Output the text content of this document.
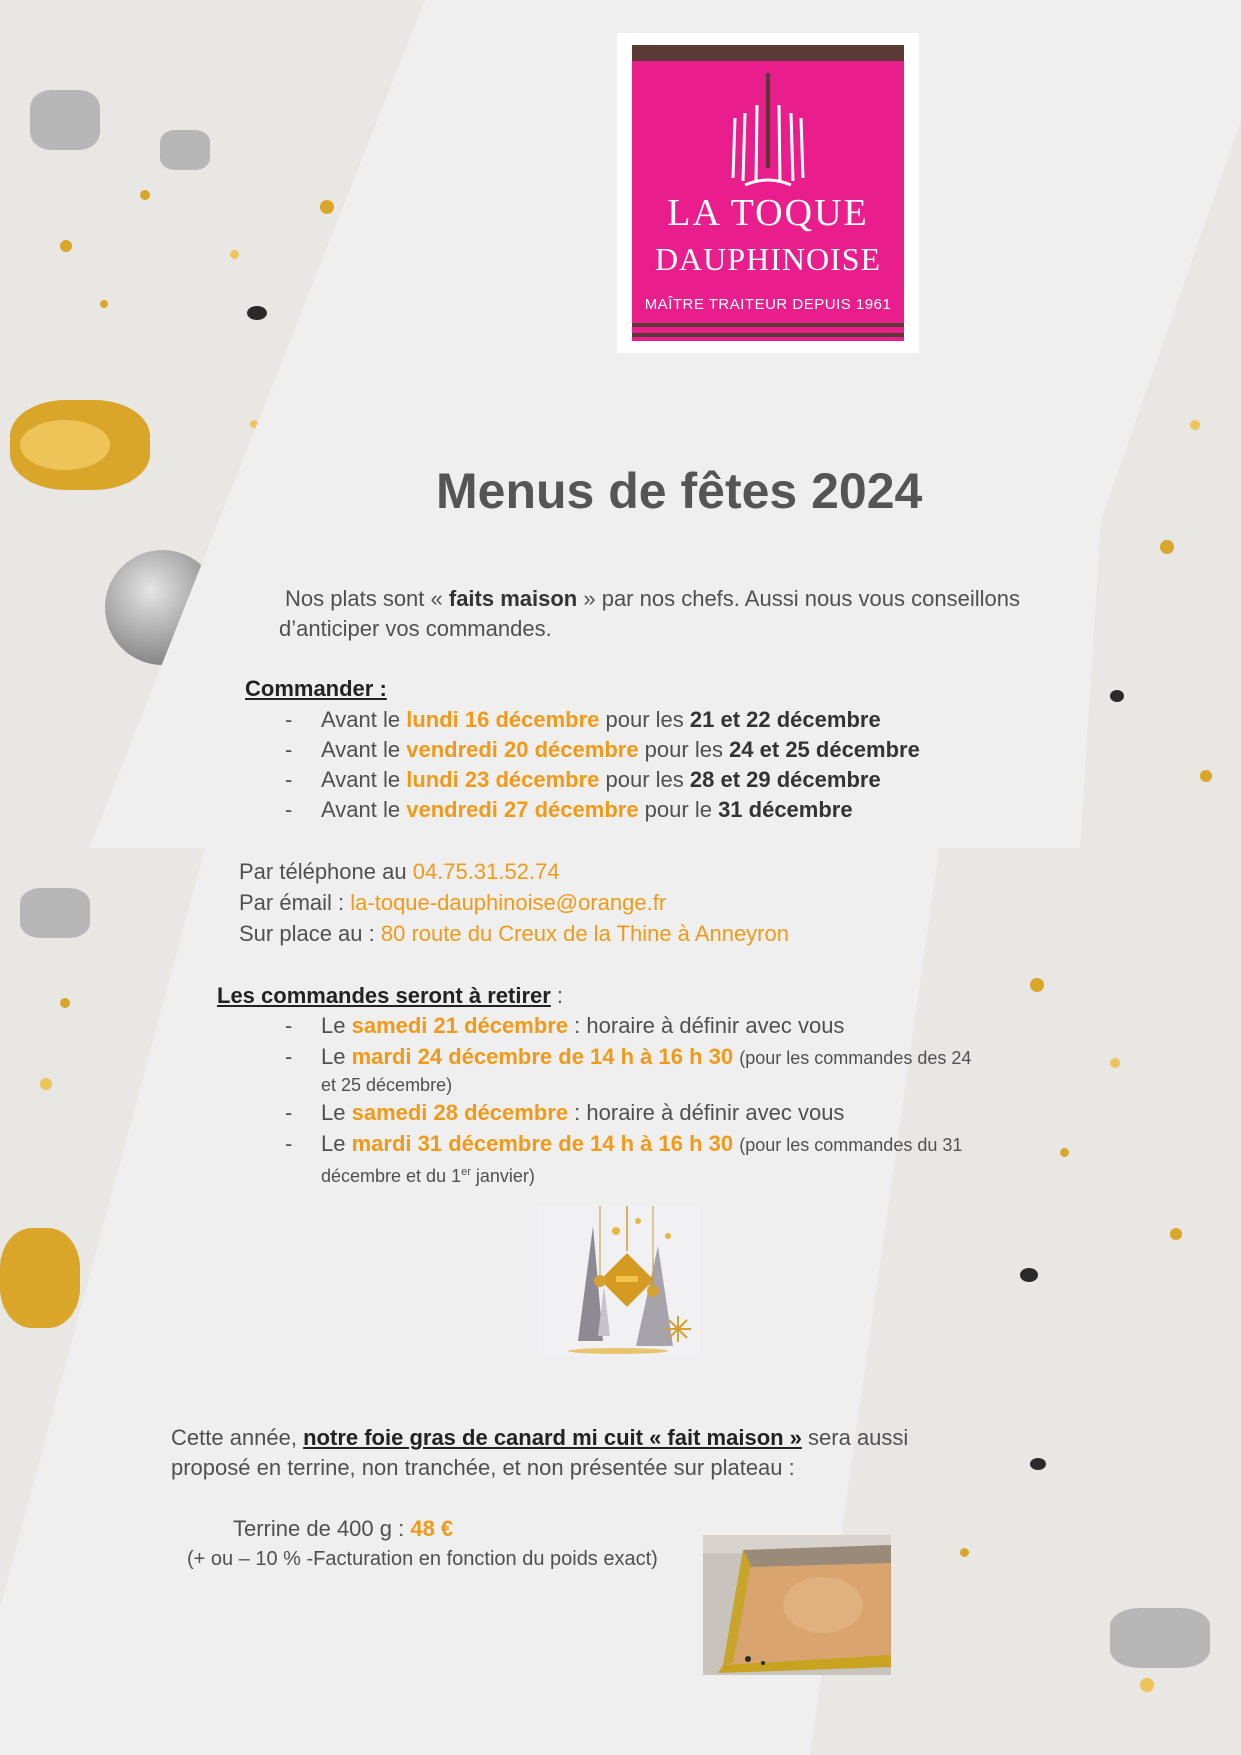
LA TOQUE
DAUPHINOISE
MAÎTRE TRAITEUR DEPUIS 1961
Menus de fêtes 2024
Nos plats sont « faits maison » par nos chefs. Aussi nous vous conseillons
d’anticiper vos commandes.
Commander :
- Avant le lundi 16 décembre pour les 21 et 22 décembre
- Avant le vendredi 20 décembre pour les 24 et 25 décembre
- Avant le lundi 23 décembre pour les 28 et 29 décembre
- Avant le vendredi 27 décembre pour le 31 décembre
Par téléphone au 04.75.31.52.74
Par émail : la-toque-dauphinoise@orange.fr
Sur place au : 80 route du Creux de la Thine à Anneyron
Les commandes seront à retirer :
- Le samedi 21 décembre : horaire à définir avec vous
- Le mardi 24 décembre de 14 h à 16 h 30 (pour les commandes des 24
et 25 décembre)
- Le samedi 28 décembre : horaire à définir avec vous
- Le mardi 31 décembre de 14 h à 16 h 30 (pour les commandes du 31
décembre et du 1er janvier)
Cette année, notre foie gras de canard mi cuit « fait maison » sera aussi
proposé en terrine, non tranchée, et non présentée sur plateau :
Terrine de 400 g : 48 €
(+ ou – 10 % -Facturation en fonction du poids exact)
